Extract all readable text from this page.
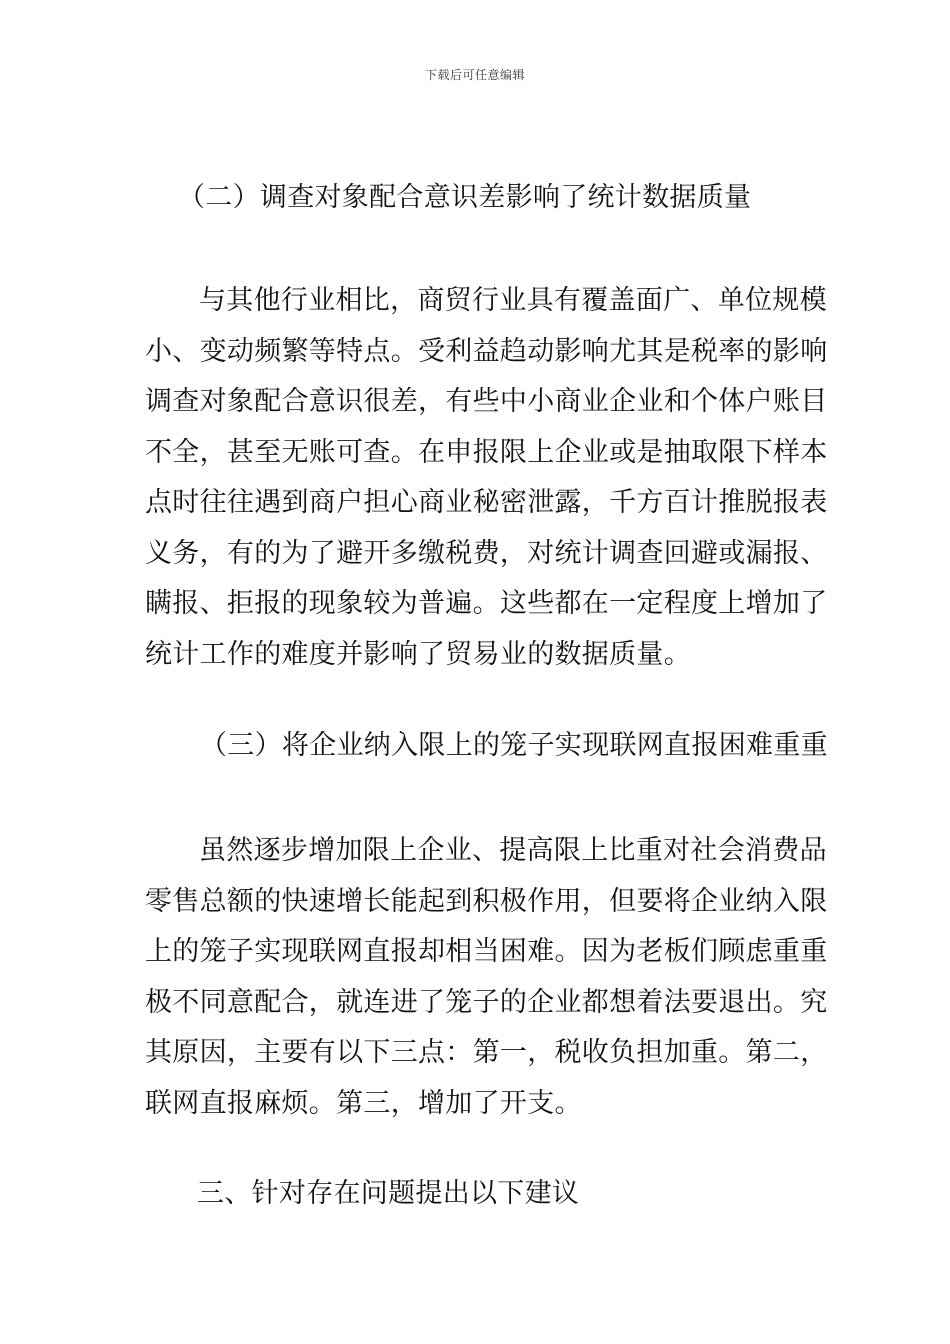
下载后可任意编辑
（二）调查对象配合意识差影响了统计数据质量
与其他行业相比，商贸行业具有覆盖面广、单位规模
小、变动频繁等特点。受利益趋动影响尤其是税率的影响
调查对象配合意识很差，有些中小商业企业和个体户账目
不全，甚至无账可查。在申报限上企业或是抽取限下样本
点时往往遇到商户担心商业秘密泄露，千方百计推脱报表
义务，有的为了避开多缴税费，对统计调查回避或漏报、
瞒报、拒报的现象较为普遍。这些都在一定程度上增加了
统计工作的难度并影响了贸易业的数据质量。
（三）将企业纳入限上的笼子实现联网直报困难重重
虽然逐步增加限上企业、提高限上比重对社会消费品
零售总额的快速增长能起到积极作用，但要将企业纳入限
上的笼子实现联网直报却相当困难。因为老板们顾虑重重
极不同意配合，就连进了笼子的企业都想着法要退出。究
其原因，主要有以下三点：第一，税收负担加重。第二，
联网直报麻烦。第三，增加了开支。
三、针对存在问题提出以下建议
